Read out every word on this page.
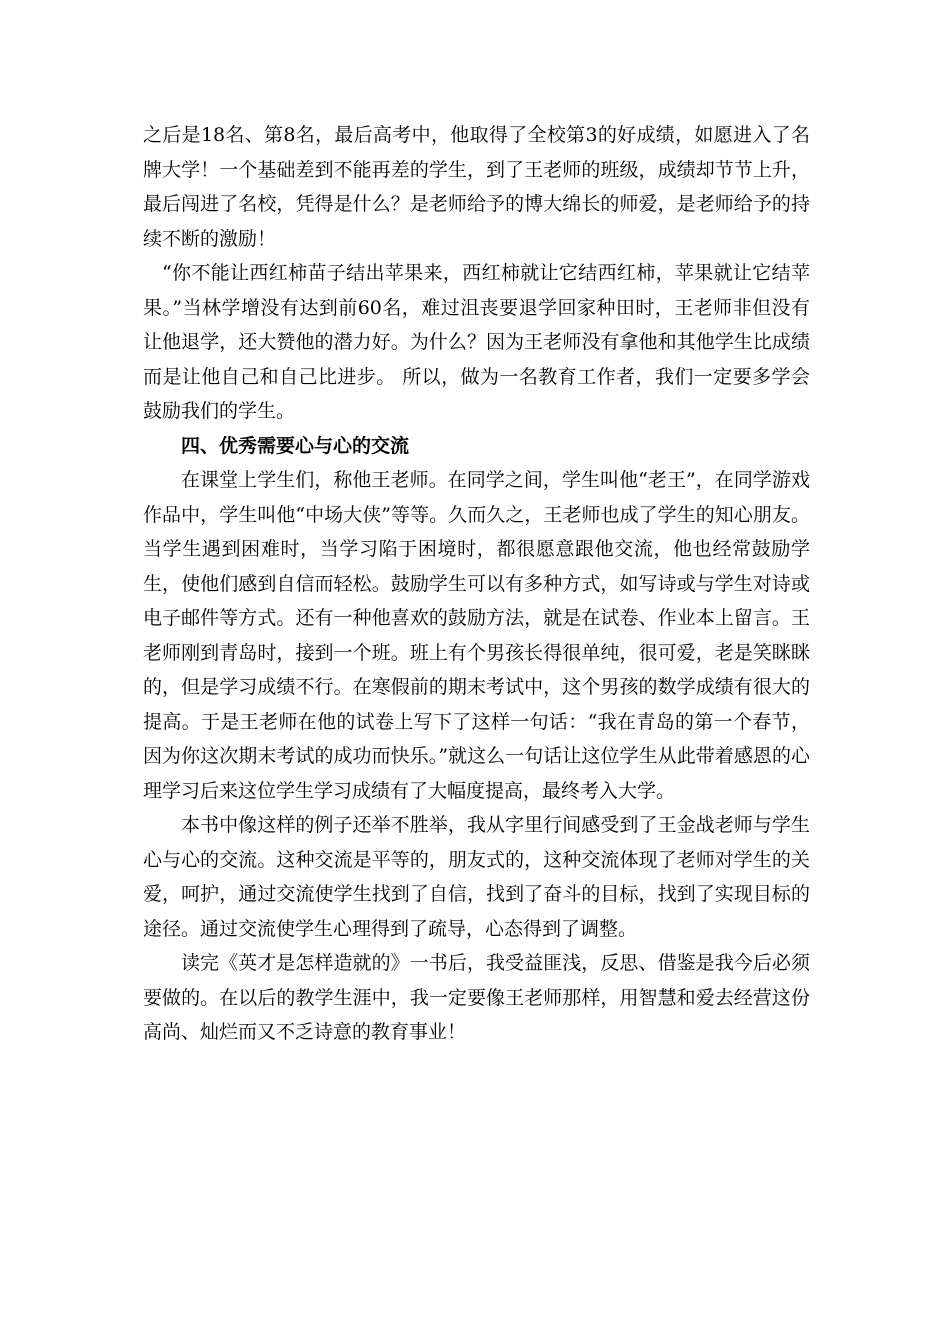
之后是18名、第8名，最后高考中，他取得了全校第3的好成绩，如愿进入了名牌大学！一个基础差到不能再差的学生，到了王老师的班级，成绩却节节上升，最后闯进了名校，凭得是什么？是老师给予的博大绵长的师爱，是老师给予的持续不断的激励！

“你不能让西红柿苗子结出苹果来，西红柿就让它结西红柿，苹果就让它结苹果。”当林学增没有达到前60名，难过沮丧要退学回家种田时，王老师非但没有让他退学，还大赞他的潜力好。为什么？因为王老师没有拿他和其他学生比成绩而是让他自己和自己比进步。 所以，做为一名教育工作者，我们一定要多学会鼓励我们的学生。

四、优秀需要心与心的交流

在课堂上学生们，称他王老师。在同学之间，学生叫他“老王”，在同学游戏作品中，学生叫他“中场大侠”等等。久而久之，王老师也成了学生的知心朋友。当学生遇到困难时，当学习陷于困境时，都很愿意跟他交流，他也经常鼓励学生，使他们感到自信而轻松。鼓励学生可以有多种方式，如写诗或与学生对诗或电子邮件等方式。还有一种他喜欢的鼓励方法，就是在试卷、作业本上留言。王老师刚到青岛时，接到一个班。班上有个男孩长得很单纯，很可爱，老是笑眯眯的，但是学习成绩不行。在寒假前的期末考试中，这个男孩的数学成绩有很大的提高。于是王老师在他的试卷上写下了这样一句话：“我在青岛的第一个春节，因为你这次期末考试的成功而快乐。”就这么一句话让这位学生从此带着感恩的心理学习后来这位学生学习成绩有了大幅度提高，最终考入大学。

本书中像这样的例子还举不胜举，我从字里行间感受到了王金战老师与学生心与心的交流。这种交流是平等的，朋友式的，这种交流体现了老师对学生的关爱，呵护，通过交流使学生找到了自信，找到了奋斗的目标，找到了实现目标的途径。通过交流使学生心理得到了疏导，心态得到了调整。

读完《英才是怎样造就的》一书后，我受益匪浅，反思、借鉴是我今后必须要做的。在以后的教学生涯中，我一定要像王老师那样，用智慧和爱去经营这份高尚、灿烂而又不乏诗意的教育事业！
